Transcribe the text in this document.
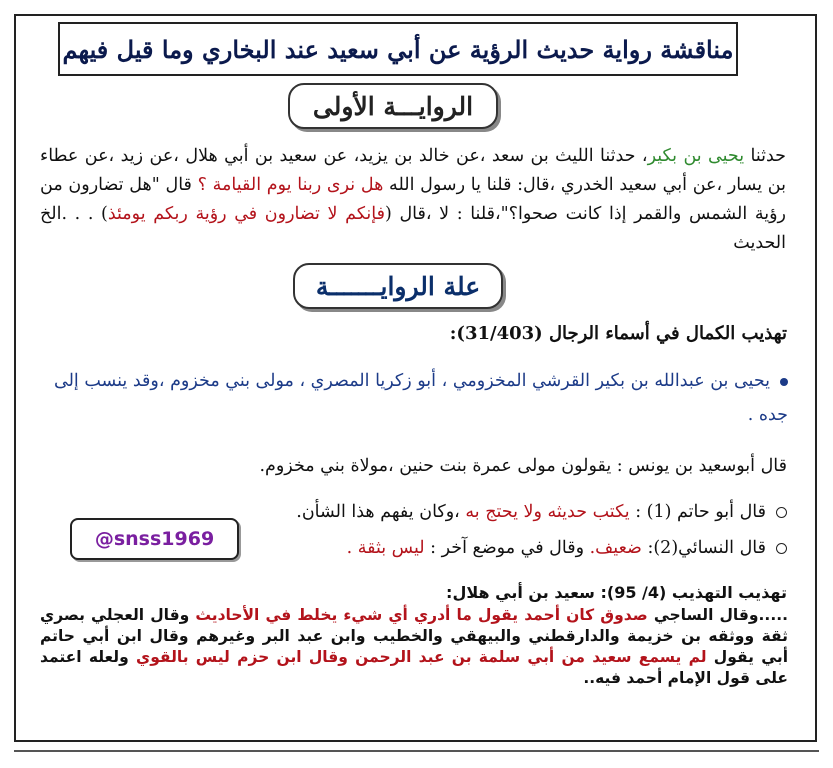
مناقشة رواية حديث الرؤية عن أبي سعيد عند البخاري وما قيل فيهم
الروايـــة الأولى
حدثنا يحيى بن بكير، حدثنا الليث بن سعد ،عن خالد بن يزيد، عن سعيد بن أبي هلال ،عن زيد ،عن عطاء بن يسار ،عن أبي سعيد الخدري ،قال: قلنا يا رسول الله هل نرى ربنا يوم القيامة ؟ قال "هل تضارون من رؤية الشمس والقمر إذا كانت صحوا؟"،قلنا : لا ،قال (فإنكم لا تضارون في رؤية ربكم يومئذ) . . .الخ الحديث
علة الروايـــــــة
تهذيب الكمال في أسماء الرجال (31/403):
يحيى بن عبدالله بن بكير القرشي المخزومي ، أبو زكريا المصري ، مولى بني مخزوم ،وقد ينسب إلى جده .
قال أبوسعيد بن يونس : يقولون مولى عمرة بنت حنين ،مولاة بني مخزوم.
قال أبو حاتم (1) : يكتب حديثه ولا يحتج به ،وكان يفهم هذا الشأن.
قال النسائي(2): ضعيف. وقال في موضع آخر : ليس بثقة .
@snss1969
تهذيب التهذيب (4/ 95): سعيد بن أبي هلال:
.....وقال الساجي صدوق كان أحمد يقول ما أدري أي شيء يخلط في الأحاديث وقال العجلي بصري ثقة ووثقه بن خزيمة والدارقطني والبيهقي والخطيب وابن عبد البر وغيرهم وقال ابن أبي حاتم أبي يقول لم يسمع سعيد من أبي سلمة بن عبد الرحمن وقال ابن حزم ليس بالقوي ولعله اعتمد على قول الإمام أحمد فيه..
